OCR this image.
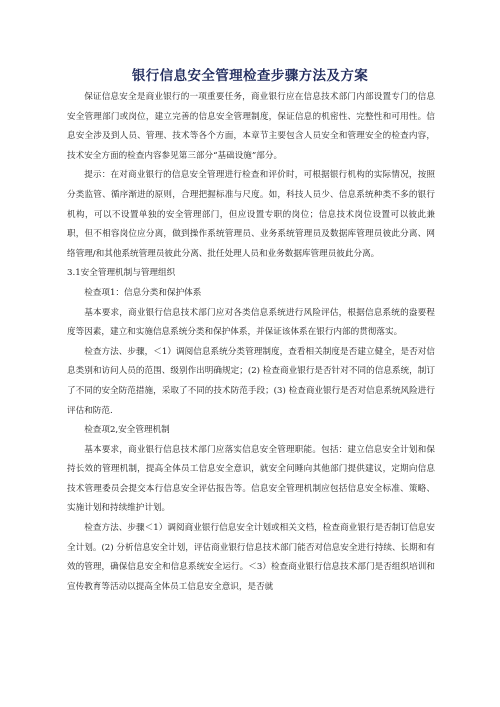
银行信息安全管理检查步骤方法及方案

保证信息安全是商业银行的一项重要任务，商业银行应在信息技术部门内部设置专门的信息安全管理部门或岗位，建立完善的信息安全管理制度，保证信息的机密性、完整性和可用性。信息安全涉及到人员、管理、技术等各个方面，本章节主要包含人员安全和管理安全的检查内容，技术安全方面的检查内容参见第三部分“基础设施”部分。

提示：在对商业银行的信息安全管理进行检查和评价时，可根据银行机构的实际情况，按照分类监管、循序渐进的原则，合理把握标准与尺度。如，科技人员少、信息系统种类不多的银行机构，可以不设置单独的安全管理部门，但应设置专职的岗位；信息技术岗位设置可以彼此兼职，但不相容岗位应分离，做到操作系统管理员、业务系统管理员及数据库管理员彼此分离、网络管理/和其他系统管理员彼此分离、批任处理人员和业务数据库管理员彼此分离。

3.1安全管理机制与管理组织

检查项1：信息分类和保护体系

基本要求，商业银行信息技术部门应对各类信息系统进行风险评估，根据信息系统的盎要程度等因素，建立和实施信息系统分类和保护体系，并保证该体系在银行内部的贯彻落实。

检查方法、步骤，＜1）调阅信息系统分类管理制度，查看相关制度是否建立健全，是否对信息类别和访问人员的范围、级别作出明确规定；(2) 检查商业银行是否针对不同的信息系统，制订了不同的安全防范措施，采取了不同的技术防范手段；(3) 检查商业银行是否对信息系统风险进行评估和防范.

检查项2,安全管理机制

基本要求，商业银行信息技术部门应落实信息安全管理职能。包括：建立信息安全计划和保持长效的管理机制，提高全体员工信息安全意识，就安全问睡向其他部门提供建议，定期向信息技术管理委员会提交本行信息安全评估报告等。信息安全管理机制应包括信息安全标准、策略、实施计划和持续维护计划。

检查方法、步骤＜1）调阅商业银行信息安全计划或相关文档，检查商业银行是否制订信息安全计划。(2) 分析信息安全计划，评估商业银行信息技术部门能否对信息安全进行持续、长期和有效的管理，确保信息安全和信息系统安全运行。＜3）检查商业银行信息技术部门是否组织培训和宣传教育等活动以提高全体员工信息安全意识，是否就
